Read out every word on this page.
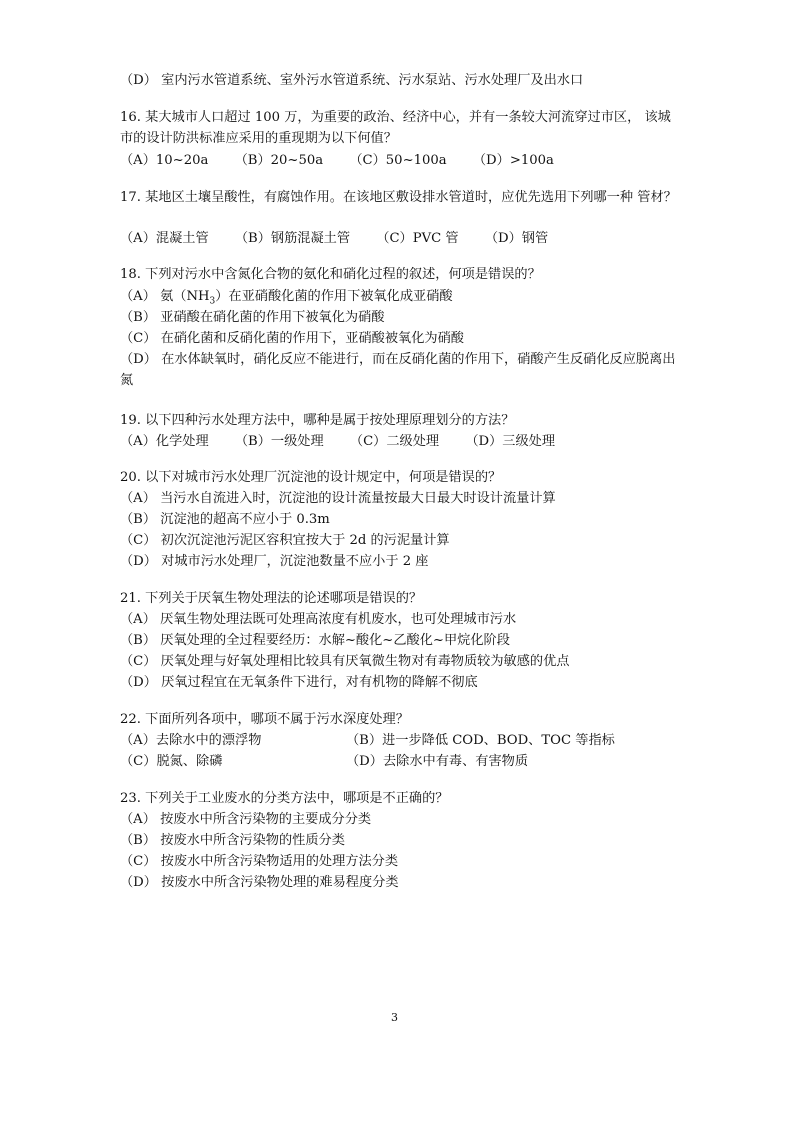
（D） 室内污水管道系统、室外污水管道系统、污水泵站、污水处理厂及出水口
16. 某大城市人口超过 100 万，为重要的政治、经济中心，并有一条较大河流穿过市区， 该城市的设计防洪标准应采用的重现期为以下何值？
（A）10~20a （B）20~50a （C）50~100a （D）>100a
17. 某地区土壤呈酸性，有腐蚀作用。在该地区敷设排水管道时，应优先选用下列哪一种 管材？
（A）混凝土管 （B）钢筋混凝土管 （C）PVC 管 （D）钢管
18. 下列对污水中含氮化合物的氨化和硝化过程的叙述，何项是错误的？
（A） 氨$(NH_3)$在亚硝酸化菌的作用下被氧化成亚硝酸
（B） 亚硝酸在硝化菌的作用下被氧化为硝酸
（C） 在硝化菌和反硝化菌的作用下，亚硝酸被氧化为硝酸
（D） 在水体缺氧时，硝化反应不能进行，而在反硝化菌的作用下，硝酸产生反硝化反应脱离出氮
19. 以下四种污水处理方法中，哪种是属于按处理原理划分的方法？
（A）化学处理 （B）一级处理 （C）二级处理 （D）三级处理
20. 以下对城市污水处理厂沉淀池的设计规定中，何项是错误的？
（A） 当污水自流进入时，沉淀池的设计流量按最大日最大时设计流量计算
（B） 沉淀池的超高不应小于 0.3m
（C） 初次沉淀池污泥区容积宜按大于 2d 的污泥量计算
（D） 对城市污水处理厂，沉淀池数量不应小于 2 座
21. 下列关于厌氧生物处理法的论述哪项是错误的？
（A） 厌氧生物处理法既可处理高浓度有机废水，也可处理城市污水
（B） 厌氧处理的全过程要经历：水解~酸化~乙酸化~甲烷化阶段
（C） 厌氧处理与好氧处理相比较具有厌氧微生物对有毒物质较为敏感的优点
（D） 厌氧过程宜在无氧条件下进行，对有机物的降解不彻底
22. 下面所列各项中，哪项不属于污水深度处理？
（A）去除水中的漂浮物	（B）进一步降低 COD、BOD、TOC 等指标
（C）脱氮、除磷	（D）去除水中有毒、有害物质
23. 下列关于工业废水的分类方法中，哪项是不正确的？
（A） 按废水中所含污染物的主要成分分类
（B） 按废水中所含污染物的性质分类
（C） 按废水中所含污染物适用的处理方法分类
（D） 按废水中所含污染物处理的难易程度分类
3
